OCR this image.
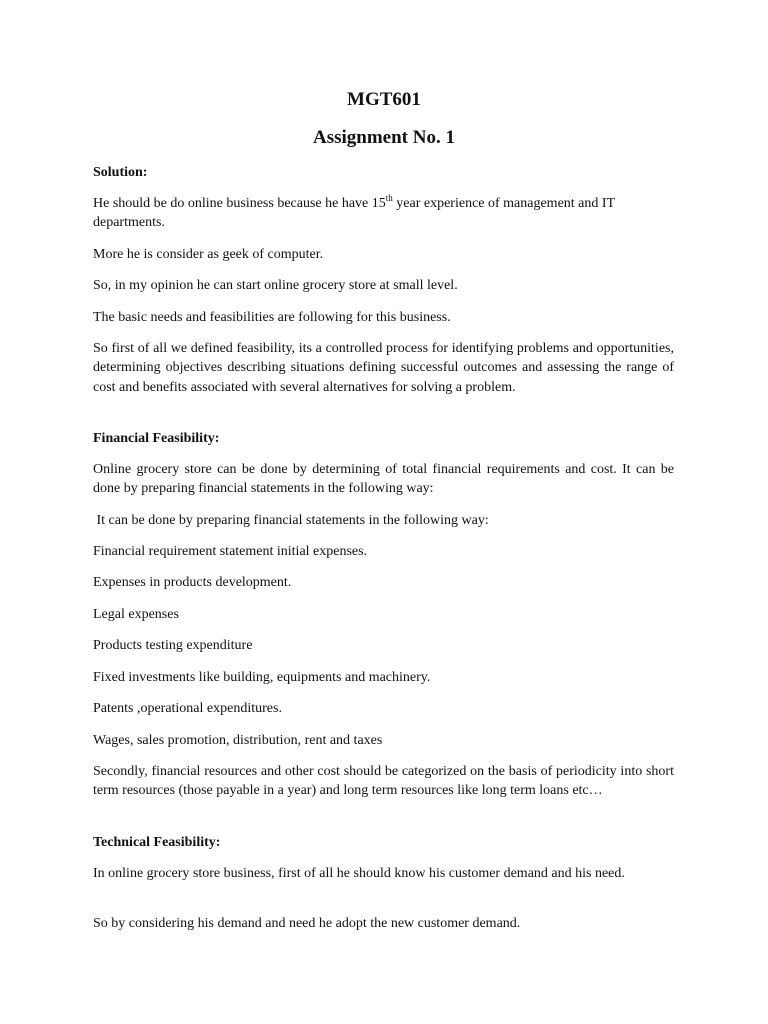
MGT601
Assignment No. 1

Solution:

He should be do online business because he have 15th year experience of management and IT departments.

More he is consider as geek of computer.

So, in my opinion he can start online grocery store at small level.

The basic needs and feasibilities are following for this business.

So first of all we defined feasibility, its a controlled process for identifying problems and opportunities, determining objectives describing situations defining successful outcomes and assessing the range of cost and benefits associated with several alternatives for solving a problem.

Financial Feasibility:

Online grocery store can be done by determining of total financial requirements and cost. It can be done by preparing financial statements in the following way:

It can be done by preparing financial statements in the following way:

Financial requirement statement initial expenses.

Expenses in products development.

Legal expenses

Products testing expenditure

Fixed investments like building, equipments and machinery.

Patents ,operational expenditures.

Wages, sales promotion, distribution, rent and taxes

Secondly, financial resources and other cost should be categorized on the basis of periodicity into short term resources (those payable in a year) and long term resources like long term loans etc…

Technical Feasibility:

In online grocery store business, first of all he should know his customer demand and his need.

So by considering his demand and need he adopt the new customer demand.
